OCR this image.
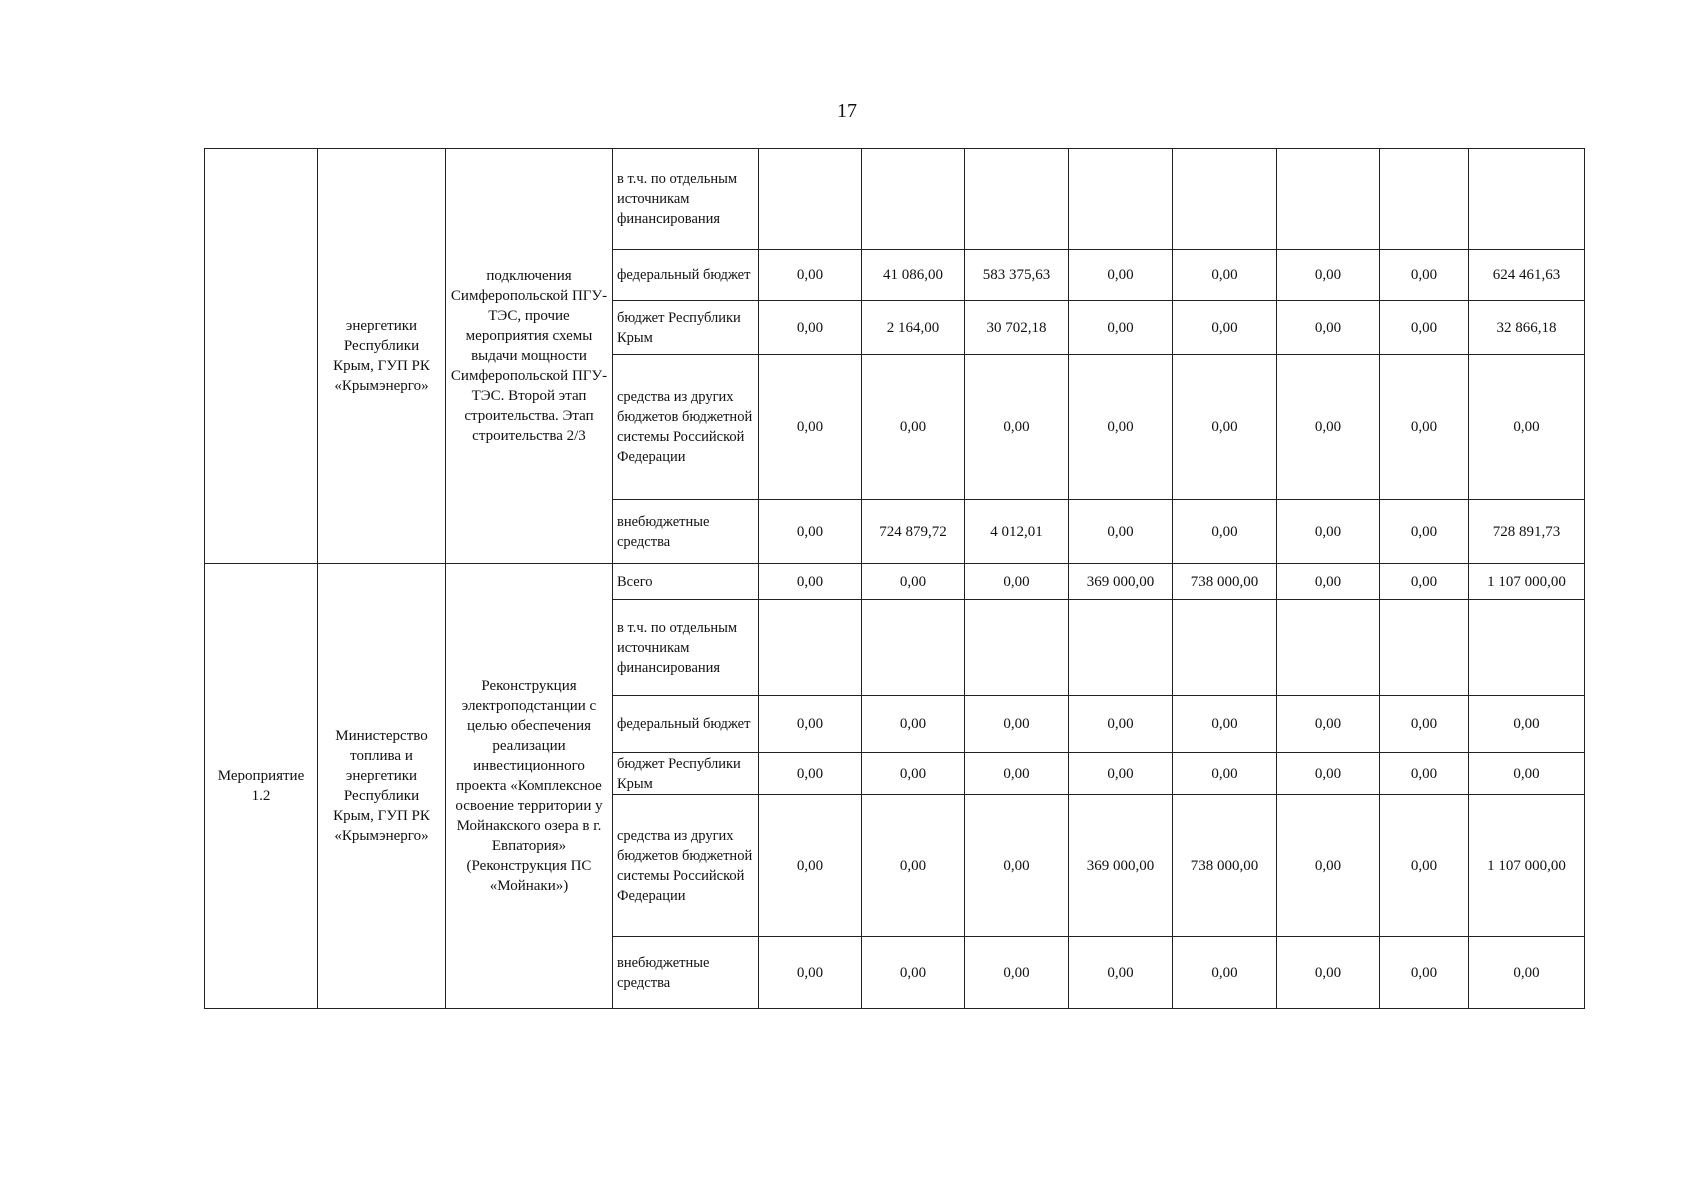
17
	энергетики Республики Крым, ГУП РК «Крымэнерго»	подключения Симферопольской ПГУ-ТЭС, прочие мероприятия схемы выдачи мощности Симферопольской ПГУ-ТЭС. Второй этап строительства. Этап строительства 2/3	в т.ч. по отдельным источникам финансирования								
			федеральный бюджет	0,00	41 086,00	583 375,63	0,00	0,00	0,00	0,00	624 461,63
			бюджет Республики Крым	0,00	2 164,00	30 702,18	0,00	0,00	0,00	0,00	32 866,18
			средства из других бюджетов бюджетной системы Российской Федерации	0,00	0,00	0,00	0,00	0,00	0,00	0,00	0,00
			внебюджетные средства	0,00	724 879,72	4 012,01	0,00	0,00	0,00	0,00	728 891,73
Мероприятие 1.2	Министерство топлива и энергетики Республики Крым, ГУП РК «Крымэнерго»	Реконструкция электроподстанции с целью обеспечения реализации инвестиционного проекта «Комплексное освоение территории у Мойнакского озера в г. Евпатория» (Реконструкция ПС «Мойнаки»)	Всего	0,00	0,00	0,00	369 000,00	738 000,00	0,00	0,00	1 107 000,00
			в т.ч. по отдельным источникам финансирования								
			федеральный бюджет	0,00	0,00	0,00	0,00	0,00	0,00	0,00	0,00
			бюджет Республики Крым	0,00	0,00	0,00	0,00	0,00	0,00	0,00	0,00
			средства из других бюджетов бюджетной системы Российской Федерации	0,00	0,00	0,00	369 000,00	738 000,00	0,00	0,00	1 107 000,00
			внебюджетные средства	0,00	0,00	0,00	0,00	0,00	0,00	0,00	0,00
